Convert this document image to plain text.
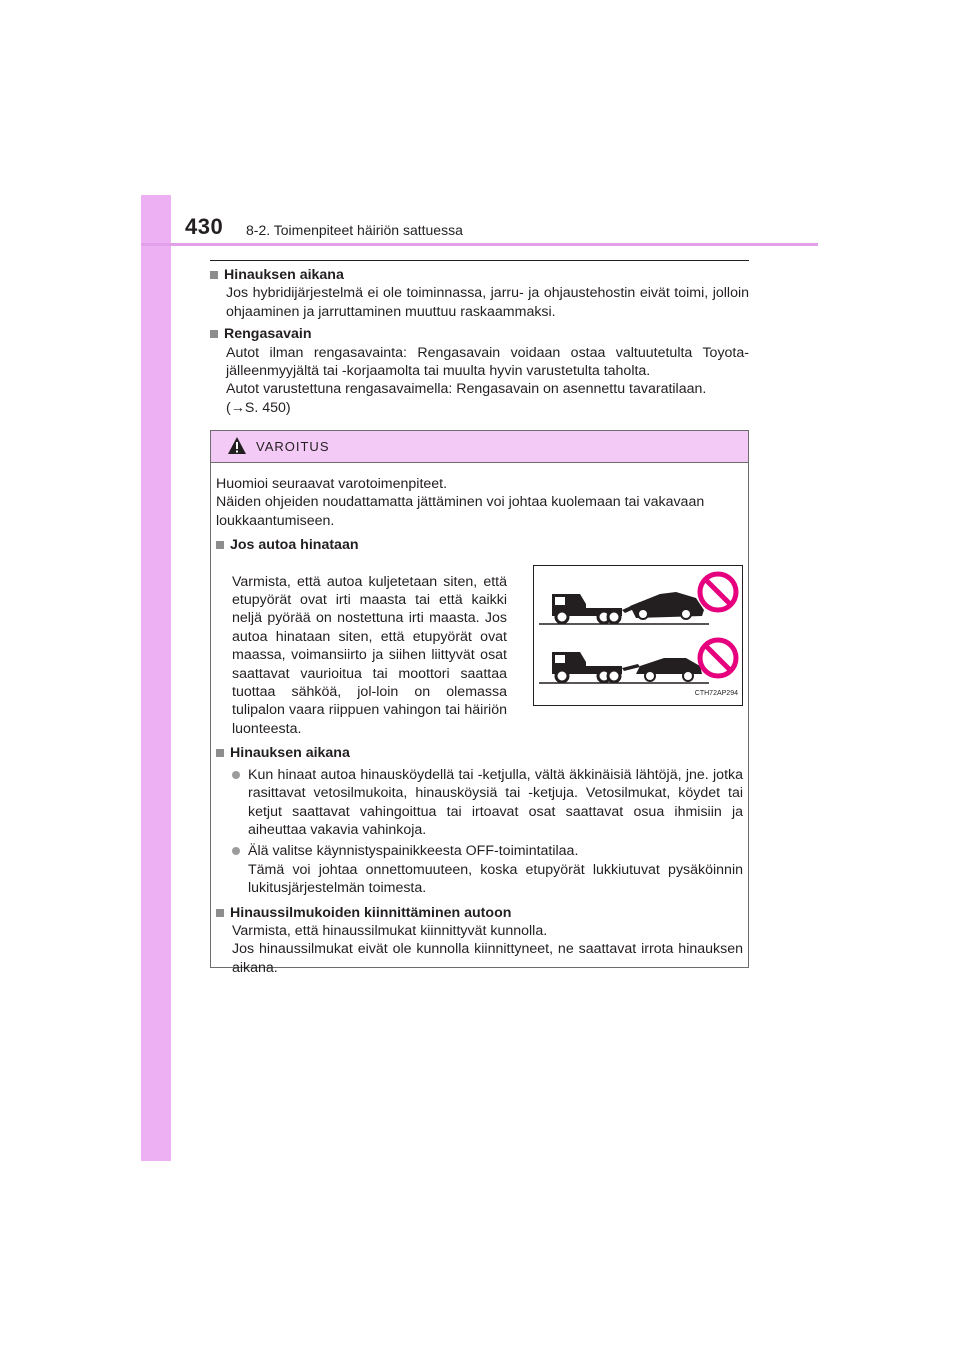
430 8-2. Toimenpiteet häiriön sattuessa
Hinauksen aikana
Jos hybridijärjestelmä ei ole toiminnassa, jarru- ja ohjaustehostin eivät toimi, jolloin ohjaaminen ja jarruttaminen muuttuu raskaammaksi.
Rengasavain
Autot ilman rengasavainta: Rengasavain voidaan ostaa valtuutetulta Toyota-jälleenmyyjältä tai -korjaamolta tai muulta hyvin varustetulta taholta.
Autot varustettuna rengasavaimella: Rengasavain on asennettu tavaratilaan.
(→S. 450)
VAROITUS
Huomioi seuraavat varotoimenpiteet.
Näiden ohjeiden noudattamatta jättäminen voi johtaa kuolemaan tai vakavaan loukkaantumiseen.
Jos autoa hinataan
Varmista, että autoa kuljetetaan siten, että etupyörät ovat irti maasta tai että kaikki neljä pyörää on nostettuna irti maasta. Jos autoa hinataan siten, että etupyörät ovat maassa, voimansiirto ja siihen liittyvät osat saattavat vaurioitua tai moottori saattaa tuottaa sähköä, jol-loin on olemassa tulipalon vaara riippuen vahingon tai häiriön luonteesta.
CTH72AP294
Hinauksen aikana
Kun hinaat autoa hinausköydellä tai -ketjulla, vältä äkkinäisiä lähtöjä, jne. jotka rasittavat vetosilmukoita, hinausköysiä tai -ketjuja. Vetosilmukat, köydet tai ketjut saattavat vahingoittua tai irtoavat osat saattavat osua ihmisiin ja aiheuttaa vakavia vahinkoja.
Älä valitse käynnistyspainikkeesta OFF-toimintatilaa.
Tämä voi johtaa onnettomuuteen, koska etupyörät lukkiutuvat pysäköinnin lukitusjärjestelmän toimesta.
Hinaussilmukoiden kiinnittäminen autoon
Varmista, että hinaussilmukat kiinnittyvät kunnolla.
Jos hinaussilmukat eivät ole kunnolla kiinnittyneet, ne saattavat irrota hinauksen aikana.
